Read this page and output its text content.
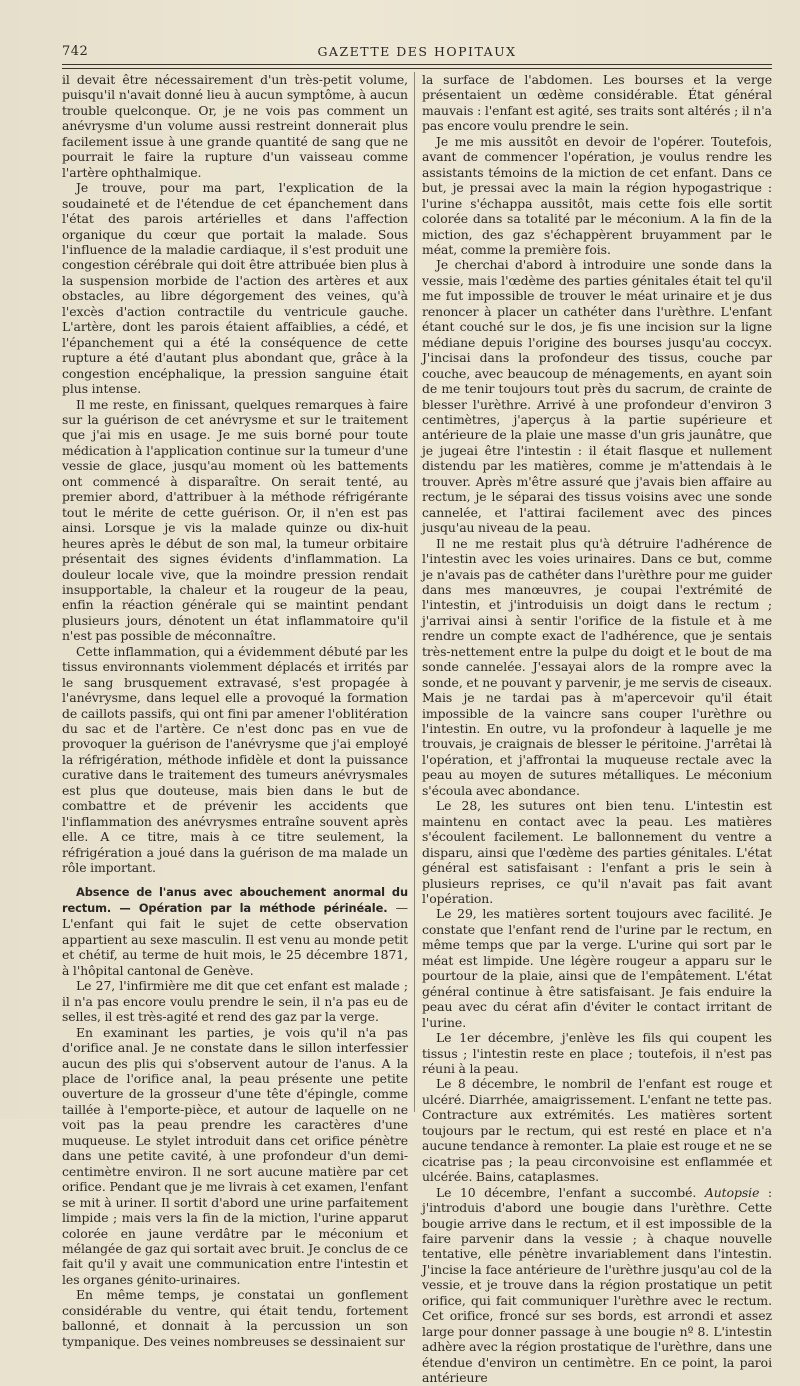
742	GAZETTE DES HOPITAUX

il devait être nécessairement d'un très-petit volume, puisqu'il n'avait donné lieu à aucun symptôme, à aucun trouble quelconque. Or, je ne vois pas comment un anévrysme d'un volume aussi restreint donnerait plus facilement issue à une grande quantité de sang que ne pourrait le faire la rupture d'un vaisseau comme l'artère ophthalmique.

Je trouve, pour ma part, l'explication de la soudaineté et de l'étendue de cet épanchement dans l'état des parois artérielles et dans l'affection organique du cœur que portait la malade. Sous l'influence de la maladie cardiaque, il s'est produit une congestion cérébrale qui doit être attribuée bien plus à la suspension morbide de l'action des artères et aux obstacles, au libre dégorgement des veines, qu'à l'excès d'action contractile du ventricule gauche. L'artère, dont les parois étaient affaiblies, a cédé, et l'épanchement qui a été la conséquence de cette rupture a été d'autant plus abondant que, grâce à la congestion encéphalique, la pression sanguine était plus intense.

Il me reste, en finissant, quelques remarques à faire sur la guérison de cet anévrysme et sur le traitement que j'ai mis en usage. Je me suis borné pour toute médication à l'application continue sur la tumeur d'une vessie de glace, jusqu'au moment où les battements ont commencé à disparaître. On serait tenté, au premier abord, d'attribuer à la méthode réfrigérante tout le mérite de cette guérison. Or, il n'en est pas ainsi. Lorsque je vis la malade quinze ou dix-huit heures après le début de son mal, la tumeur orbitaire présentait des signes évidents d'inflammation. La douleur locale vive, que la moindre pression rendait insupportable, la chaleur et la rougeur de la peau, enfin la réaction générale qui se maintint pendant plusieurs jours, dénotent un état inflammatoire qu'il n'est pas possible de méconnaître.

Cette inflammation, qui a évidemment débuté par les tissus environnants violemment déplacés et irrités par le sang brusquement extravasé, s'est propagée à l'anévrysme, dans lequel elle a provoqué la formation de caillots passifs, qui ont fini par amener l'oblitération du sac et de l'artère. Ce n'est donc pas en vue de provoquer la guérison de l'anévrysme que j'ai employé la réfrigération, méthode infidèle et dont la puissance curative dans le traitement des tumeurs anévrysmales est plus que douteuse, mais bien dans le but de combattre et de prévenir les accidents que l'inflammation des anévrysmes entraîne souvent après elle. A ce titre, mais à ce titre seulement, la réfrigération a joué dans la guérison de ma malade un rôle important.

Absence de l'anus avec abouchement anormal du rectum. — Opération par la méthode périnéale. — L'enfant qui fait le sujet de cette observation appartient au sexe masculin. Il est venu au monde petit et chétif, au terme de huit mois, le 25 décembre 1871, à l'hôpital cantonal de Genève.

Le 27, l'infirmière me dit que cet enfant est malade ; il n'a pas encore voulu prendre le sein, il n'a pas eu de selles, il est très-agité et rend des gaz par la verge.

En examinant les parties, je vois qu'il n'a pas d'orifice anal. Je ne constate dans le sillon interfessier aucun des plis qui s'observent autour de l'anus. A la place de l'orifice anal, la peau présente une petite ouverture de la grosseur d'une tête d'épingle, comme taillée à l'emporte-pièce, et autour de laquelle on ne voit pas la peau prendre les caractères d'une muqueuse. Le stylet introduit dans cet orifice pénètre dans une petite cavité, à une profondeur d'un demi-centimètre environ. Il ne sort aucune matière par cet orifice. Pendant que je me livrais à cet examen, l'enfant se mit à uriner. Il sortit d'abord une urine parfaitement limpide ; mais vers la fin de la miction, l'urine apparut colorée en jaune verdâtre par le méconium et mélangée de gaz qui sortait avec bruit. Je conclus de ce fait qu'il y avait une communication entre l'intestin et les organes génito-urinaires.

En même temps, je constatai un gonflement considérable du ventre, qui était tendu, fortement ballonné, et donnait à la percussion un son tympanique. Des veines nombreuses se dessinaient sur

la surface de l'abdomen. Les bourses et la verge présentaient un œdème considérable. État général mauvais : l'enfant est agité, ses traits sont altérés ; il n'a pas encore voulu prendre le sein.

Je me mis aussitôt en devoir de l'opérer. Toutefois, avant de commencer l'opération, je voulus rendre les assistants témoins de la miction de cet enfant. Dans ce but, je pressai avec la main la région hypogastrique : l'urine s'échappa aussitôt, mais cette fois elle sortit colorée dans sa totalité par le méconium. A la fin de la miction, des gaz s'échappèrent bruyamment par le méat, comme la première fois.

Je cherchai d'abord à introduire une sonde dans la vessie, mais l'œdème des parties génitales était tel qu'il me fut impossible de trouver le méat urinaire et je dus renoncer à placer un cathéter dans l'urèthre. L'enfant étant couché sur le dos, je fis une incision sur la ligne médiane depuis l'origine des bourses jusqu'au coccyx. J'incisai dans la profondeur des tissus, couche par couche, avec beaucoup de ménagements, en ayant soin de me tenir toujours tout près du sacrum, de crainte de blesser l'urèthre. Arrivé à une profondeur d'environ 3 centimètres, j'aperçus à la partie supérieure et antérieure de la plaie une masse d'un gris jaunâtre, que je jugeai être l'intestin : il était flasque et nullement distendu par les matières, comme je m'attendais à le trouver. Après m'être assuré que j'avais bien affaire au rectum, je le séparai des tissus voisins avec une sonde cannelée, et l'attirai facilement avec des pinces jusqu'au niveau de la peau.

Il ne me restait plus qu'à détruire l'adhérence de l'intestin avec les voies urinaires. Dans ce but, comme je n'avais pas de cathéter dans l'urèthre pour me guider dans mes manœuvres, je coupai l'extrémité de l'intestin, et j'introduisis un doigt dans le rectum ; j'arrivai ainsi à sentir l'orifice de la fistule et à me rendre un compte exact de l'adhérence, que je sentais très-nettement entre la pulpe du doigt et le bout de ma sonde cannelée. J'essayai alors de la rompre avec la sonde, et ne pouvant y parvenir, je me servis de ciseaux. Mais je ne tardai pas à m'apercevoir qu'il était impossible de la vaincre sans couper l'urèthre ou l'intestin. En outre, vu la profondeur à laquelle je me trouvais, je craignais de blesser le péritoine. J'arrêtai là l'opération, et j'affrontai la muqueuse rectale avec la peau au moyen de sutures métalliques. Le méconium s'écoula avec abondance.

Le 28, les sutures ont bien tenu. L'intestin est maintenu en contact avec la peau. Les matières s'écoulent facilement. Le ballonnement du ventre a disparu, ainsi que l'œdème des parties génitales. L'état général est satisfaisant : l'enfant a pris le sein à plusieurs reprises, ce qu'il n'avait pas fait avant l'opération.

Le 29, les matières sortent toujours avec facilité. Je constate que l'enfant rend de l'urine par le rectum, en même temps que par la verge. L'urine qui sort par le méat est limpide. Une légère rougeur a apparu sur le pourtour de la plaie, ainsi que de l'empâtement. L'état général continue à être satisfaisant. Je fais enduire la peau avec du cérat afin d'éviter le contact irritant de l'urine.

Le 1er décembre, j'enlève les fils qui coupent les tissus ; l'intestin reste en place ; toutefois, il n'est pas réuni à la peau.

Le 8 décembre, le nombril de l'enfant est rouge et ulcéré. Diarrhée, amaigrissement. L'enfant ne tette pas. Contracture aux extrémités. Les matières sortent toujours par le rectum, qui est resté en place et n'a aucune tendance à remonter. La plaie est rouge et ne se cicatrise pas ; la peau circonvoisine est enflammée et ulcérée. Bains, cataplasmes.

Le 10 décembre, l'enfant a succombé. Autopsie : j'introduis d'abord une bougie dans l'urèthre. Cette bougie arrive dans le rectum, et il est impossible de la faire parvenir dans la vessie ; à chaque nouvelle tentative, elle pénètre invariablement dans l'intestin. J'incise la face antérieure de l'urèthre jusqu'au col de la vessie, et je trouve dans la région prostatique un petit orifice, qui fait communiquer l'urèthre avec le rectum. Cet orifice, froncé sur ses bords, est arrondi et assez large pour donner passage à une bougie nº 8. L'intestin adhère avec la région prostatique de l'urèthre, dans une étendue d'environ un centimètre. En ce point, la paroi antérieure
